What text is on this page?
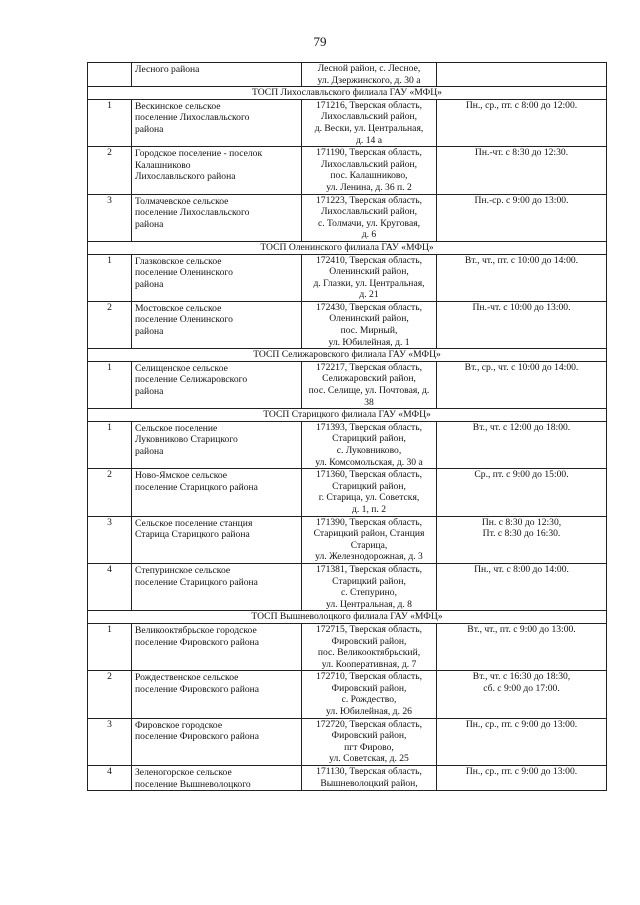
79

	Лесного района	Лесной район, с. Лесное,
ул. Дзержинского, д. 30 а	

ТОСП Лихославльского филиала ГАУ «МФЦ»			
1	Вескинское сельское
поселение Лихославльского
района	171216, Тверская область,
Лихославльский район,
д. Вески, ул. Центральная,
д. 14 а	Пн., ср., пт. с 8:00 до 12:00.

2	Городское поселение - поселок
Калашниково
Лихославльского района	171190, Тверская область,
Лихославльский район,
пос. Калашниково,
ул. Ленина, д. 36 п. 2	Пн.-чт. с 8:30 до 12:30.

3	Толмачевское сельское
поселение Лихославльского
района	171223, Тверская область,
Лихославльский район,
с. Толмачи, ул. Круговая,
д. 6	Пн.-ср. с 9:00 до 13:00.

ТОСП Оленинского филиала ГАУ «МФЦ»			
1	Глазковское сельское
поселение Оленинского
района	172410, Тверская область,
Оленинский район,
д. Глазки, ул. Центральная,
д. 21	Вт., чт., пт. с 10:00 до 14:00.

2	Мостовское сельское
поселение Оленинского
района	172430, Тверская область,
Оленинский район,
пос. Мирный,
ул. Юбилейная, д. 1	Пн.-чт. с 10:00 до 13:00.

ТОСП Селижаровского филиала ГАУ «МФЦ»			
1	Селищенское сельское
поселение Селижаровского
района	172217, Тверская область,
Селижаровский район,
пос. Селище, ул. Почтовая, д.
38	Вт., ср., чт. с 10:00 до 14:00.

ТОСП Старицкого филиала ГАУ «МФЦ»			
1	Сельское поселение
Луковниково Старицкого
района	171393, Тверская область,
Старицкий район,
с. Луковниково,
ул. Комсомольская, д. 30 а	Вт., чт. с 12:00 до 18:00.

2	Ново-Ямское сельское
поселение Старицкого района	171360, Тверская область,
Старицкий район,
г. Старица, ул. Советскя,
д. 1, п. 2	Ср., пт. с 9:00 до 15:00.

3	Сельское поселение станция
Старица Старицкого района	171390, Тверская область,
Старицкий район, Станция
Старица,
ул. Железнодорожная, д. 3	Пн. с 8:30 до 12:30,
Пт. с 8:30 до 16:30.

4	Степуринское сельское
поселение Старицкого района	171381, Тверская область,
Старицкий район,
с. Степурино,
ул. Центральная, д. 8	Пн., чт. с 8:00 до 14:00.

ТОСП Вышневолоцкого филиала ГАУ «МФЦ»			
1	Великооктябрьское городское
поселение Фировского района	172715, Тверская область,
Фировский район,
пос. Великооктябрьский,
ул. Кооперативная, д. 7	Вт., чт., пт. с 9:00 до 13:00.

2	Рождественское сельское
поселение Фировского района	172710, Тверская область,
Фировский район,
с. Рождество,
ул. Юбилейная, д. 26	Вт., чт. с 16:30 до 18:30,
сб. с 9:00 до 17:00.

3	Фировское городское
поселение Фировского района	172720, Тверская область,
Фировский район,
пгт Фирово,
ул. Советская, д. 25	Пн., ср., пт. с 9:00 до 13:00.

4	Зеленогорское сельское
поселение Вышневолоцкого	171130, Тверская область,
Вышневолоцкий район,	Пн., ср., пт. с 9:00 до 13:00.
